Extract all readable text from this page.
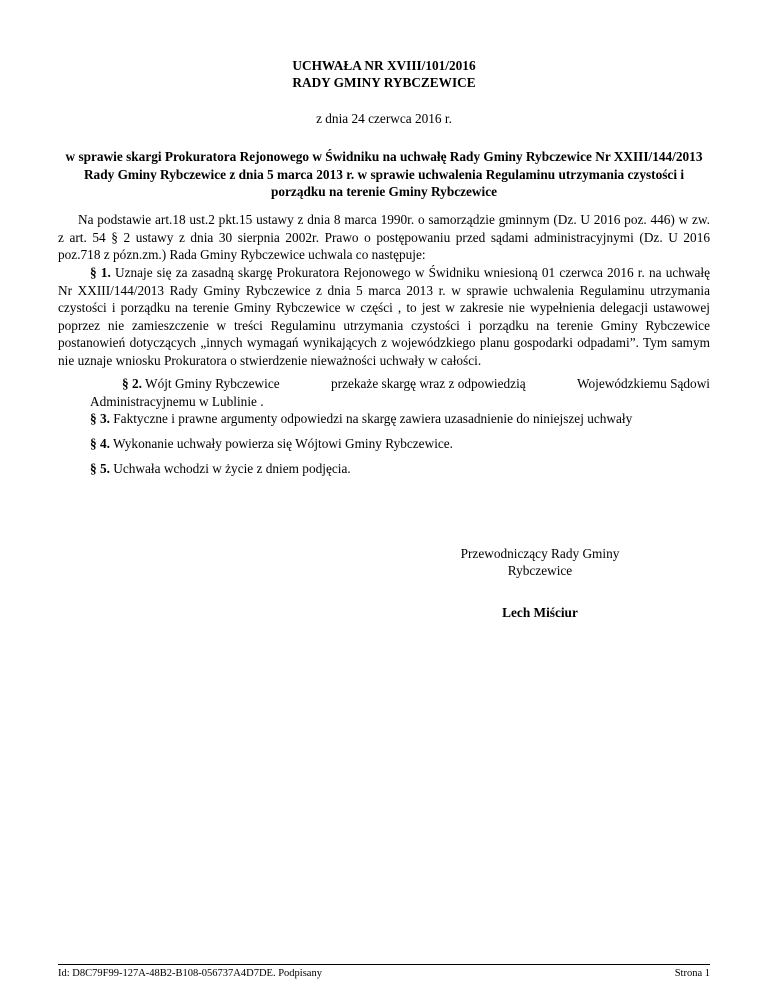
UCHWAŁA NR XVIII/101/2016
RADY GMINY RYBCZEWICE
z dnia 24 czerwca 2016 r.
w sprawie skargi Prokuratora Rejonowego w Świdniku na uchwałę Rady Gminy Rybczewice Nr XXIII/144/2013 Rady Gminy Rybczewice z dnia 5 marca 2013 r. w sprawie uchwalenia Regulaminu utrzymania czystości i porządku na terenie Gminy Rybczewice

Na podstawie art.18 ust.2 pkt.15 ustawy z dnia 8 marca 1990r. o samorządzie gminnym (Dz. U 2016 poz. 446) w zw. z art. 54 § 2 ustawy z dnia 30 sierpnia 2002r. Prawo o postępowaniu przed sądami administracyjnymi (Dz. U 2016 poz.718 z pózn.zm.) Rada Gminy Rybczewice uchwala co następuje:

§ 1. Uznaje się za zasadną skargę Prokuratora Rejonowego w Świdniku wniesioną 01 czerwca 2016 r. na uchwałę Nr XXIII/144/2013 Rady Gminy Rybczewice z dnia 5 marca 2013 r. w sprawie uchwalenia Regulaminu utrzymania czystości i porządku na terenie Gminy Rybczewice w części , to jest w zakresie nie wypełnienia delegacji ustawowej poprzez nie zamieszczenie w treści Regulaminu utrzymania czystości i porządku na terenie Gminy Rybczewice postanowień dotyczących „innych wymagań wynikających z wojewódzkiego planu gospodarki odpadami”. Tym samym nie uznaje wniosku Prokuratora o stwierdzenie nieważności uchwały w całości.

§ 2. Wójt Gminy Rybczewice	przekaże skargę wraz z odpowiedzią	Wojewódzkiemu Sądowi
Administracyjnemu w Lublinie .

§ 3. Faktyczne i prawne argumenty odpowiedzi na skargę zawiera uzasadnienie do niniejszej uchwały

§ 4. Wykonanie uchwały powierza się Wójtowi Gminy Rybczewice.

§ 5. Uchwała wchodzi w życie z dniem podjęcia.

Przewodniczący Rady Gminy
Rybczewice
Lech Miściur
Id: D8C79F99-127A-48B2-B108-056737A4D7DE. Podpisany	Strona 1
